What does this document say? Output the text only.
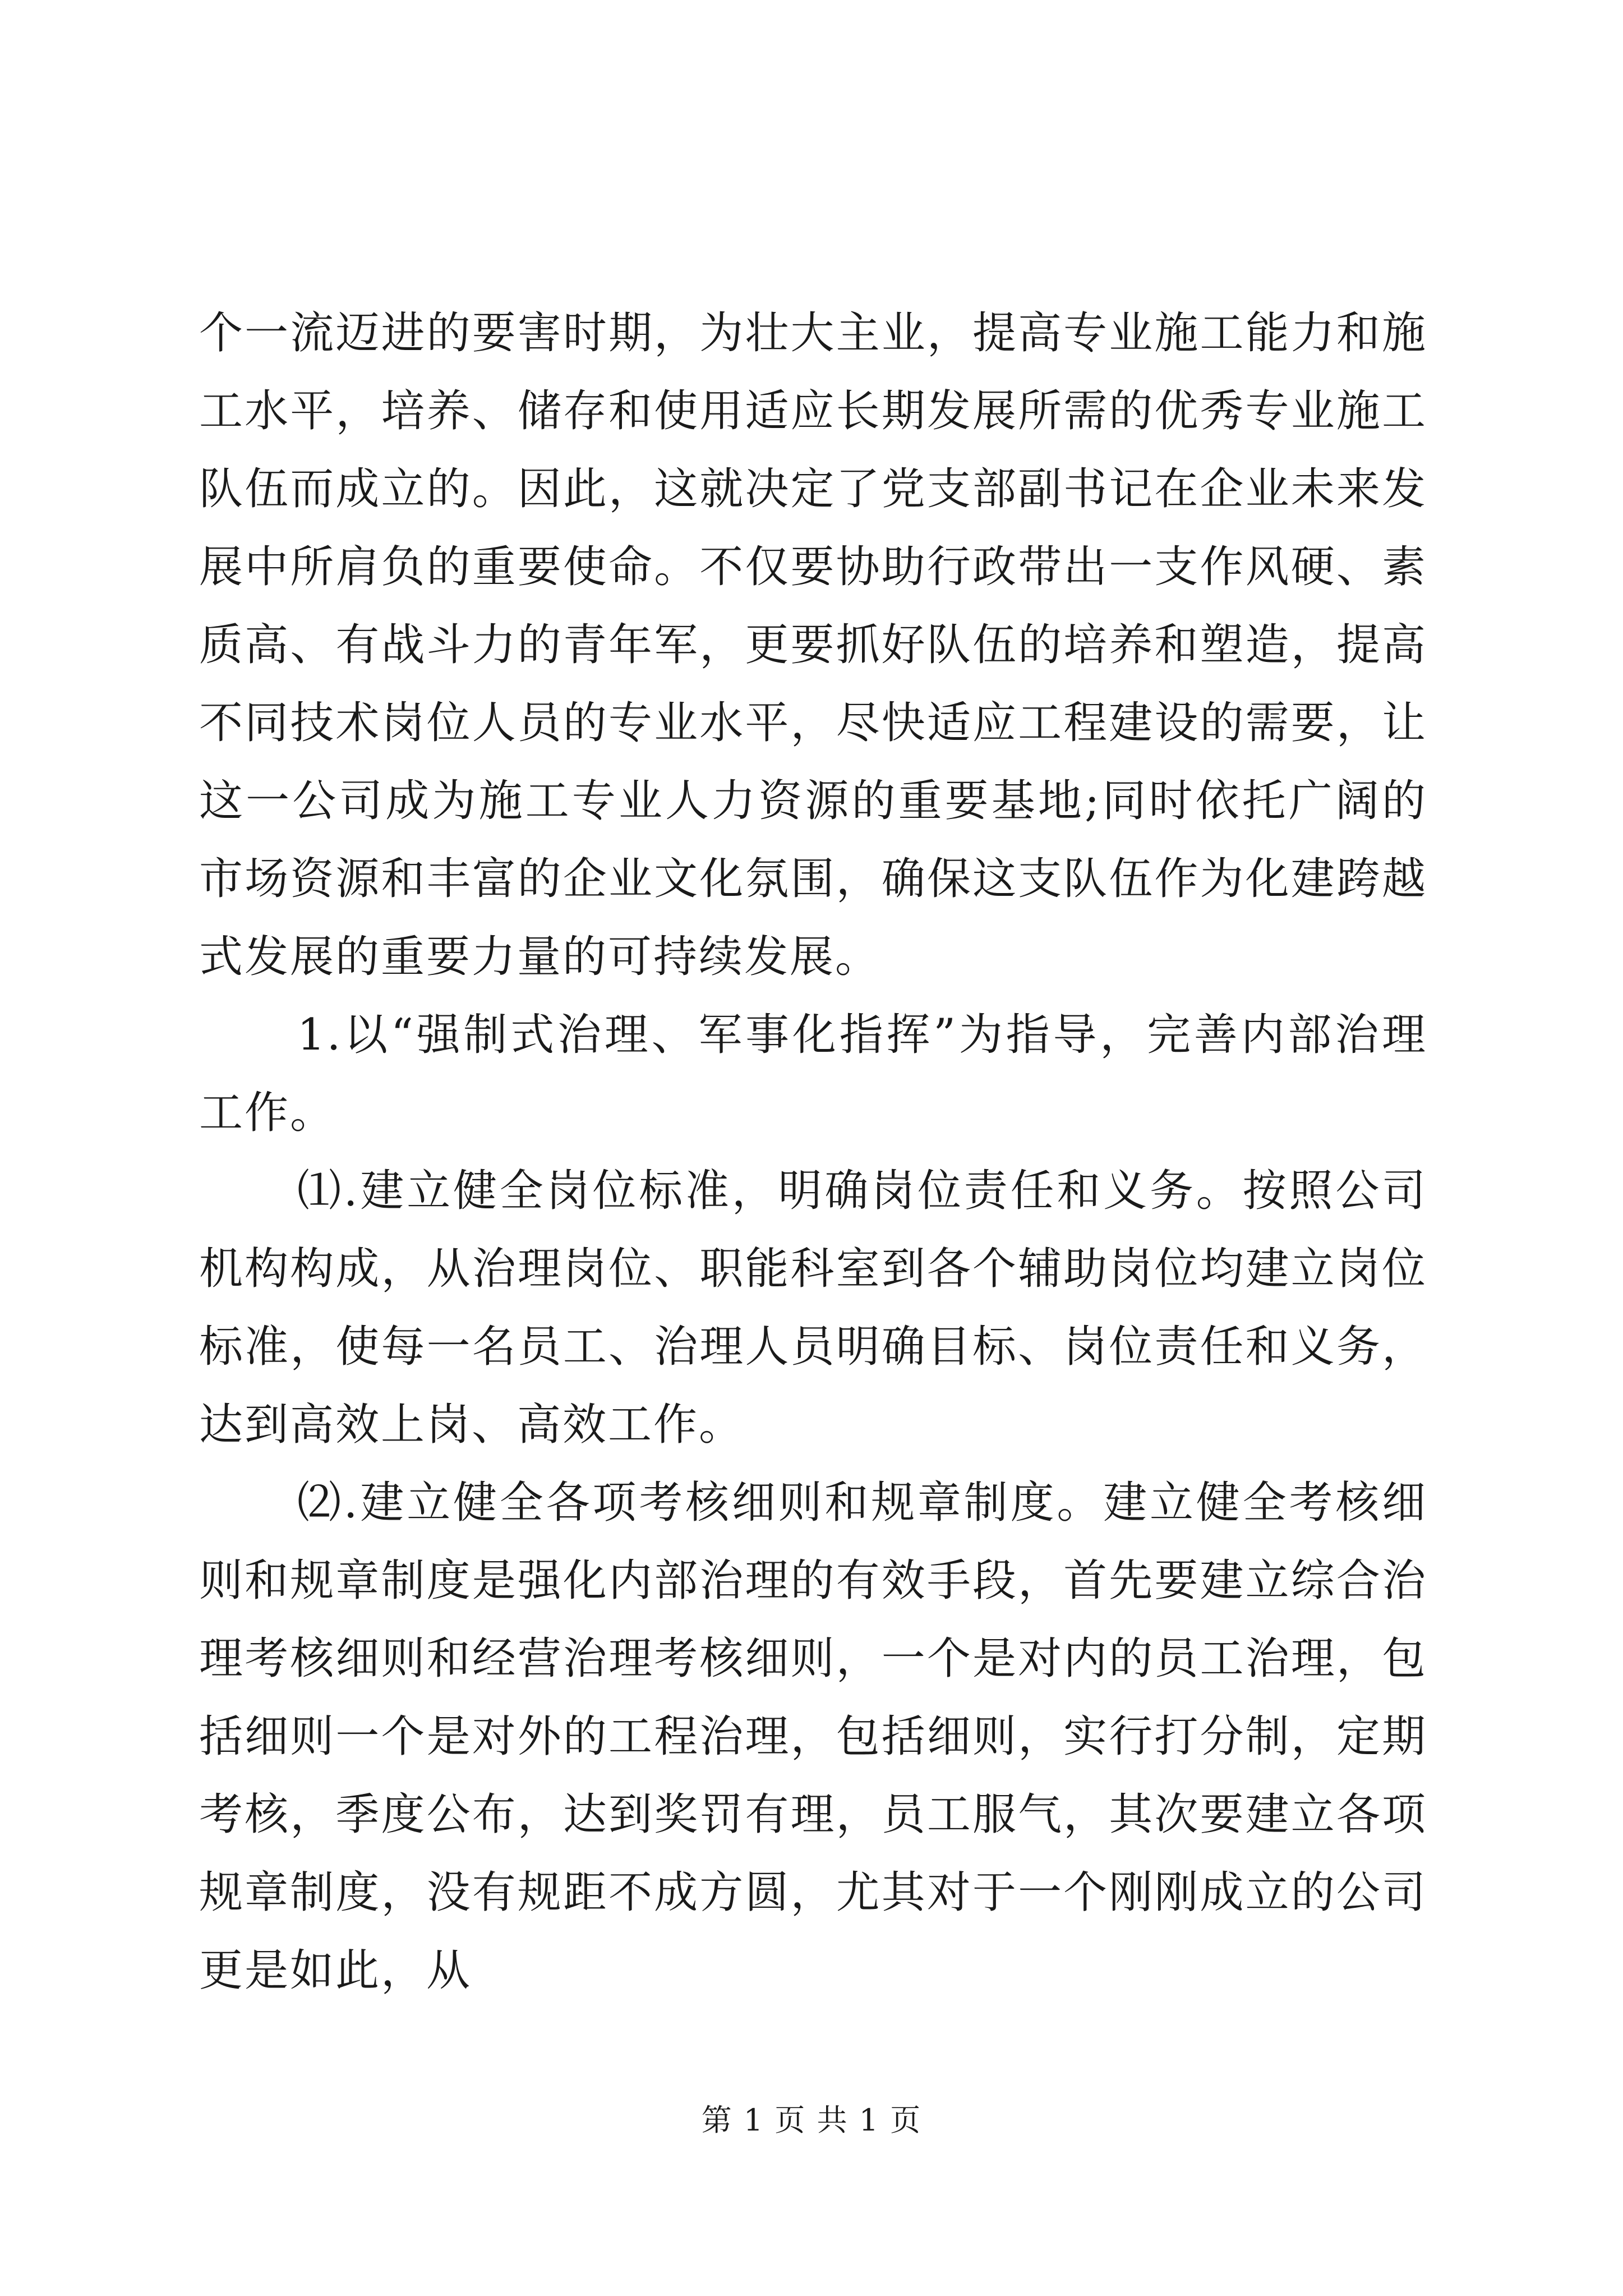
个一流迈进的要害时期，为壮大主业，提高专业施工能力和施工水平，培养、储存和使用适应长期发展所需的优秀专业施工队伍而成立的。因此，这就决定了党支部副书记在企业未来发展中所肩负的重要使命。不仅要协助行政带出一支作风硬、素质高、有战斗力的青年军，更要抓好队伍的培养和塑造，提高不同技术岗位人员的专业水平，尽快适应工程建设的需要，让这一公司成为施工专业人力资源的重要基地;同时依托广阔的市场资源和丰富的企业文化氛围，确保这支队伍作为化建跨越式发展的重要力量的可持续发展。

1.以“强制式治理、军事化指挥”为指导，完善内部治理工作。

⑴.建立健全岗位标准，明确岗位责任和义务。按照公司机构构成，从治理岗位、职能科室到各个辅助岗位均建立岗位标准，使每一名员工、治理人员明确目标、岗位责任和义务，达到高效上岗、高效工作。

⑵.建立健全各项考核细则和规章制度。建立健全考核细则和规章制度是强化内部治理的有效手段，首先要建立综合治理考核细则和经营治理考核细则，一个是对内的员工治理，包括细则一个是对外的工程治理，包括细则，实行打分制，定期考核，季度公布，达到奖罚有理，员工服气，其次要建立各项规章制度，没有规距不成方圆，尤其对于一个刚刚成立的公司更是如此，从

第 1 页 共 1 页
